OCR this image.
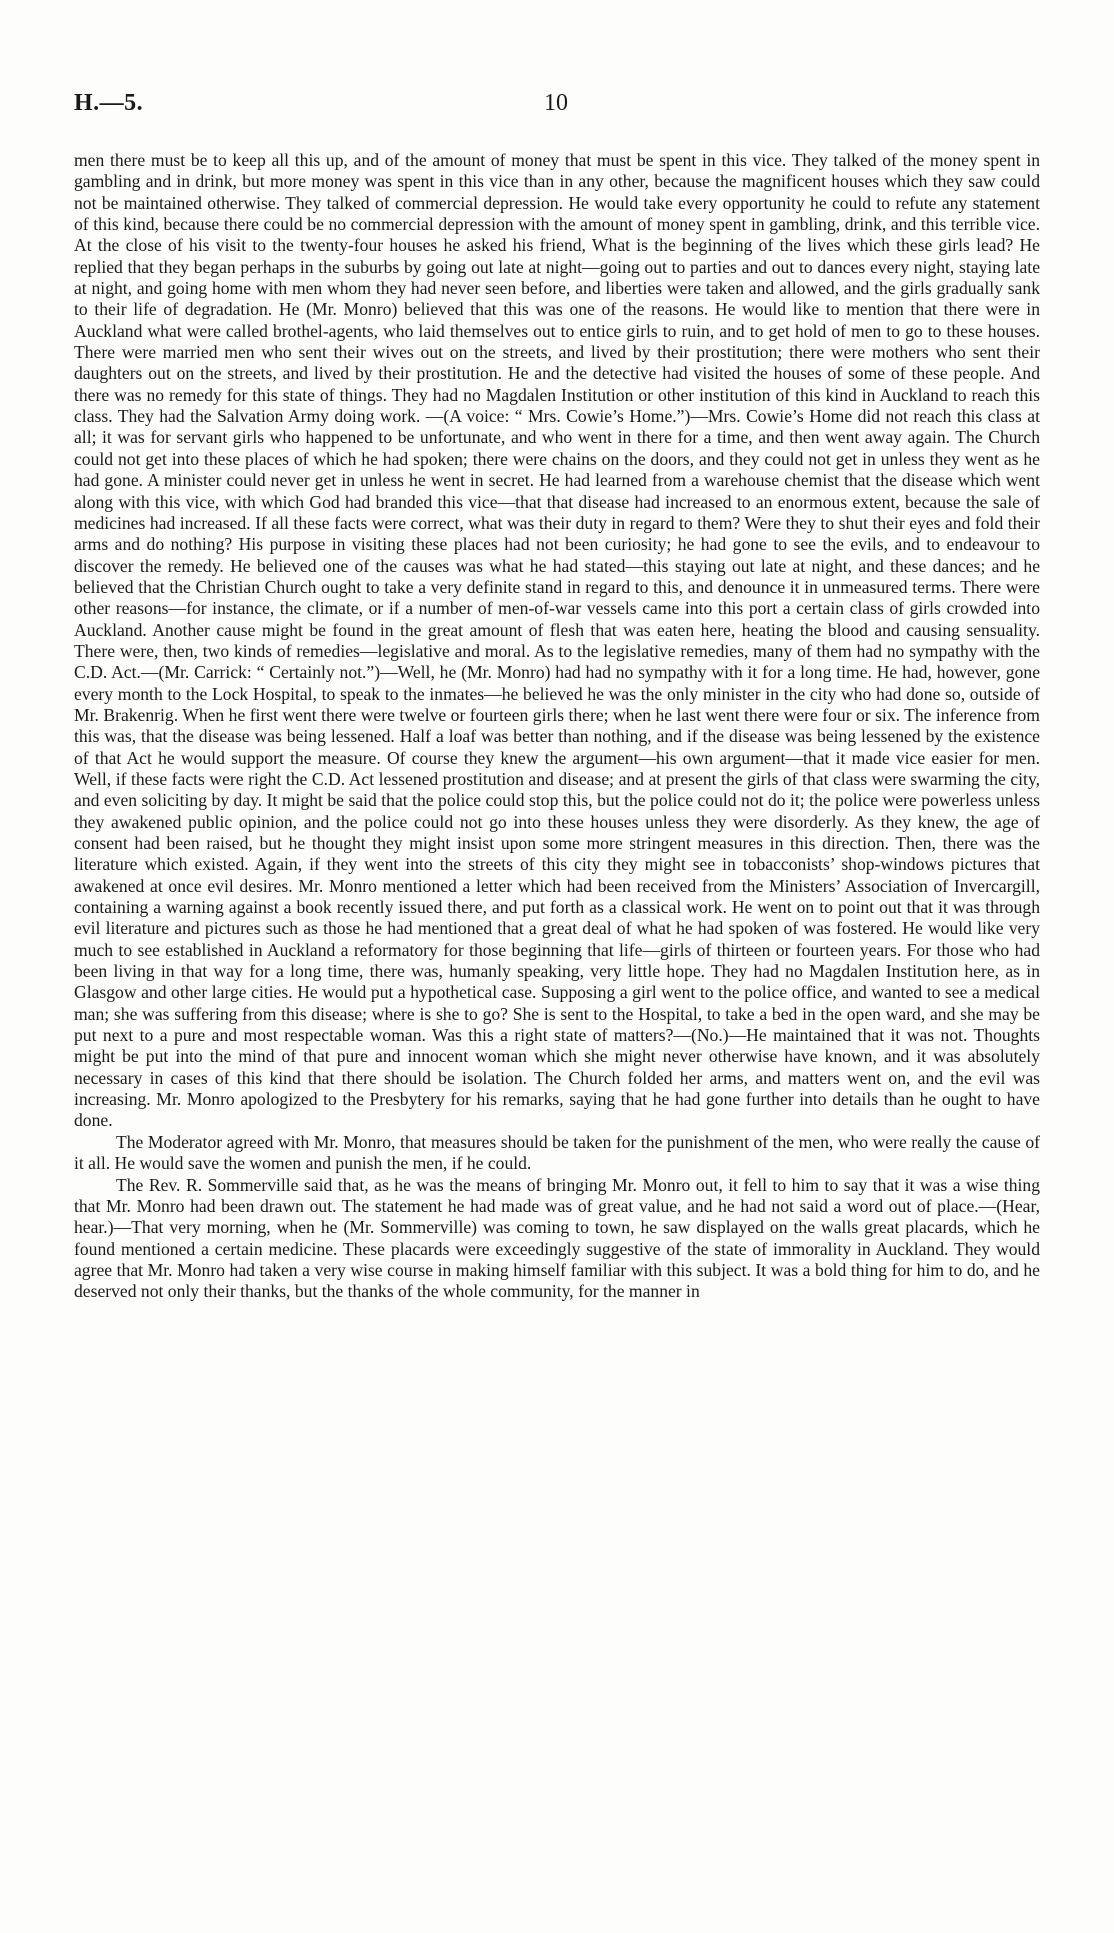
H.—5.	10

men there must be to keep all this up, and of the amount of money that must be spent in this vice. They talked of the money spent in gambling and in drink, but more money was spent in this vice than in any other, because the magnificent houses which they saw could not be maintained otherwise. They talked of commercial depression. He would take every opportunity he could to refute any statement of this kind, because there could be no commercial depression with the amount of money spent in gambling, drink, and this terrible vice. At the close of his visit to the twenty-four houses he asked his friend, What is the beginning of the lives which these girls lead? He replied that they began perhaps in the suburbs by going out late at night—going out to parties and out to dances every night, staying late at night, and going home with men whom they had never seen before, and liberties were taken and allowed, and the girls gradually sank to their life of degradation. He (Mr. Monro) believed that this was one of the reasons. He would like to mention that there were in Auckland what were called brothel-agents, who laid themselves out to entice girls to ruin, and to get hold of men to go to these houses. There were married men who sent their wives out on the streets, and lived by their prostitution; there were mothers who sent their daughters out on the streets, and lived by their prostitution. He and the detective had visited the houses of some of these people. And there was no remedy for this state of things. They had no Magdalen Institution or other institution of this kind in Auckland to reach this class. They had the Salvation Army doing work. —(A voice: “ Mrs. Cowie’s Home.”)—Mrs. Cowie’s Home did not reach this class at all; it was for servant girls who happened to be unfortunate, and who went in there for a time, and then went away again. The Church could not get into these places of which he had spoken; there were chains on the doors, and they could not get in unless they went as he had gone. A minister could never get in unless he went in secret. He had learned from a warehouse chemist that the disease which went along with this vice, with which God had branded this vice—that that disease had increased to an enormous extent, because the sale of medicines had increased. If all these facts were correct, what was their duty in regard to them? Were they to shut their eyes and fold their arms and do nothing? His purpose in visiting these places had not been curiosity; he had gone to see the evils, and to endeavour to discover the remedy. He believed one of the causes was what he had stated—this staying out late at night, and these dances; and he believed that the Christian Church ought to take a very definite stand in regard to this, and denounce it in unmeasured terms. There were other reasons—for instance, the climate, or if a number of men-of-war vessels came into this port a certain class of girls crowded into Auckland. Another cause might be found in the great amount of flesh that was eaten here, heating the blood and causing sensuality. There were, then, two kinds of remedies—legislative and moral. As to the legislative remedies, many of them had no sympathy with the C.D. Act.—(Mr. Carrick: “ Certainly not.”)—Well, he (Mr. Monro) had had no sympathy with it for a long time. He had, however, gone every month to the Lock Hospital, to speak to the inmates—he believed he was the only minister in the city who had done so, outside of Mr. Brakenrig. When he first went there were twelve or fourteen girls there; when he last went there were four or six. The inference from this was, that the disease was being lessened. Half a loaf was better than nothing, and if the disease was being lessened by the existence of that Act he would support the measure. Of course they knew the argument—his own argument—that it made vice easier for men. Well, if these facts were right the C.D. Act lessened prostitution and disease; and at present the girls of that class were swarming the city, and even soliciting by day. It might be said that the police could stop this, but the police could not do it; the police were powerless unless they awakened public opinion, and the police could not go into these houses unless they were disorderly. As they knew, the age of consent had been raised, but he thought they might insist upon some more stringent measures in this direction. Then, there was the literature which existed. Again, if they went into the streets of this city they might see in tobacconists’ shop-windows pictures that awakened at once evil desires. Mr. Monro mentioned a letter which had been received from the Ministers’ Association of Invercargill, containing a warning against a book recently issued there, and put forth as a classical work. He went on to point out that it was through evil literature and pictures such as those he had mentioned that a great deal of what he had spoken of was fostered. He would like very much to see established in Auckland a reformatory for those beginning that life—girls of thirteen or fourteen years. For those who had been living in that way for a long time, there was, humanly speaking, very little hope. They had no Magdalen Institution here, as in Glasgow and other large cities. He would put a hypothetical case. Supposing a girl went to the police office, and wanted to see a medical man; she was suffering from this disease; where is she to go? She is sent to the Hospital, to take a bed in the open ward, and she may be put next to a pure and most respectable woman. Was this a right state of matters?—(No.)—He maintained that it was not. Thoughts might be put into the mind of that pure and innocent woman which she might never otherwise have known, and it was absolutely necessary in cases of this kind that there should be isolation. The Church folded her arms, and matters went on, and the evil was increasing. Mr. Monro apologized to the Presbytery for his remarks, saying that he had gone further into details than he ought to have done.

The Moderator agreed with Mr. Monro, that measures should be taken for the punishment of the men, who were really the cause of it all. He would save the women and punish the men, if he could.

The Rev. R. Sommerville said that, as he was the means of bringing Mr. Monro out, it fell to him to say that it was a wise thing that Mr. Monro had been drawn out. The statement he had made was of great value, and he had not said a word out of place.—(Hear, hear.)—That very morning, when he (Mr. Sommerville) was coming to town, he saw displayed on the walls great placards, which he found mentioned a certain medicine. These placards were exceedingly suggestive of the state of immorality in Auckland. They would agree that Mr. Monro had taken a very wise course in making himself familiar with this subject. It was a bold thing for him to do, and he deserved not only their thanks, but the thanks of the whole community, for the manner in
